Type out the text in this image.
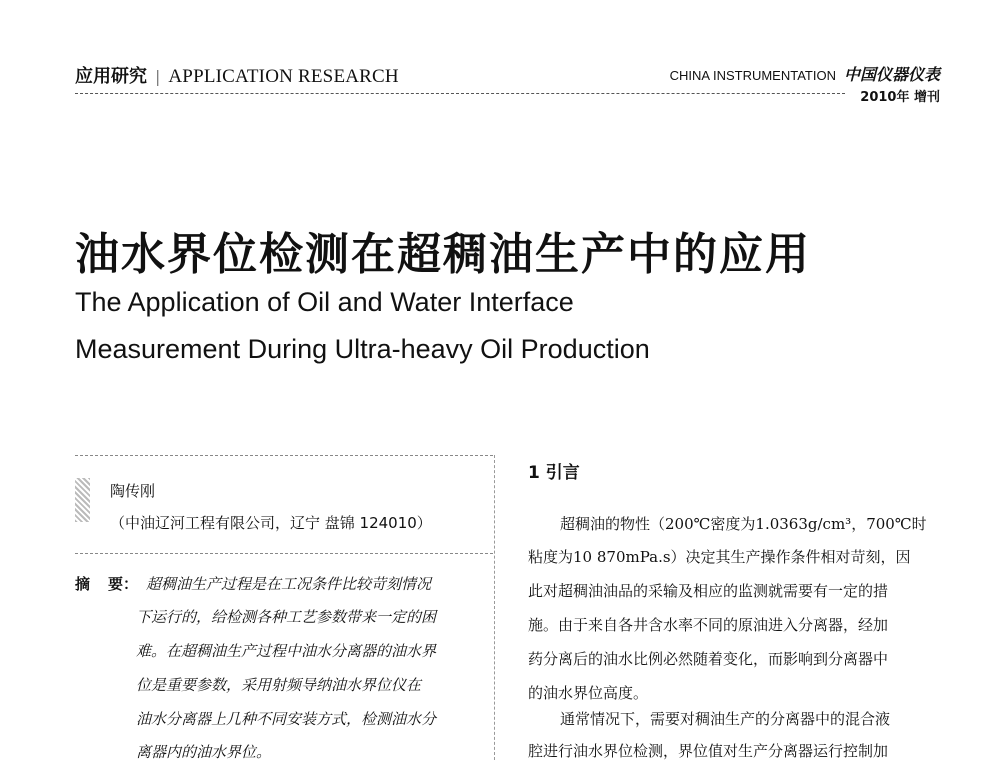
应用研究 | APPLICATION RESEARCH	CHINA INSTRUMENTATION 中国仪器仪表
2010年 增刊
油水界位检测在超稠油生产中的应用
The Application of Oil and Water Interface
Measurement During Ultra-heavy Oil Production
陶传刚
（中油辽河工程有限公司，辽宁 盘锦 124010）
摘 要： 超稠油生产过程是在工况条件比较苛刻情况
下运行的，给检测各种工艺参数带来一定的困
难。在超稠油生产过程中油水分离器的油水界
位是重要参数，采用射频导纳油水界位仪在
油水分离器上几种不同安装方式，检测油水分
离器内的油水界位。
1 引言
超稠油的物性（200℃密度为1.0363g/cm³，700℃时
粘度为10 870mPa.s）决定其生产操作条件相对苛刻，因
此对超稠油油品的采输及相应的监测就需要有一定的措
施。由于来自各井含水率不同的原油进入分离器，经加
药分离后的油水比例必然随着变化，而影响到分离器中
的油水界位高度。
通常情况下，需要对稠油生产的分离器中的混合液
腔进行油水界位检测，界位值对生产分离器运行控制加
